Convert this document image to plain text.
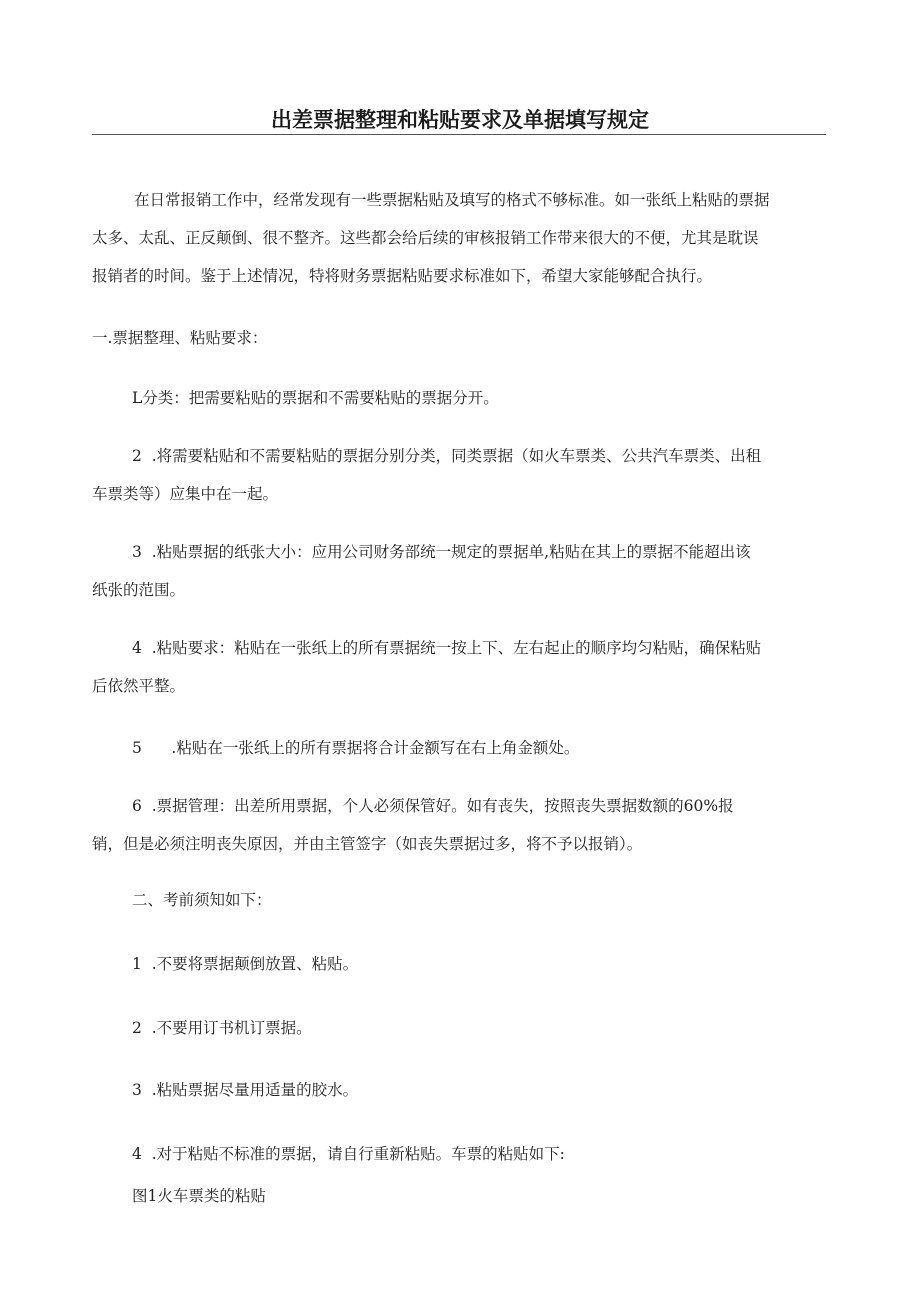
出差票据整理和粘贴要求及单据填写规定
在日常报销工作中，经常发现有一些票据粘贴及填写的格式不够标准。如一张纸上粘贴的票据
太多、太乱、正反颠倒、很不整齐。这些都会给后续的审核报销工作带来很大的不便，尤其是耽误
报销者的时间。鉴于上述情况，特将财务票据粘贴要求标准如下，希望大家能够配合执行。
一.票据整理、粘贴要求：
L分类：把需要粘贴的票据和不需要粘贴的票据分开。
2  .将需要粘贴和不需要粘贴的票据分别分类，同类票据（如火车票类、公共汽车票类、出租
车票类等）应集中在一起。
3  .粘贴票据的纸张大小：应用公司财务部统一规定的票据单,粘贴在其上的票据不能超出该
纸张的范围。
4  .粘贴要求：粘贴在一张纸上的所有票据统一按上下、左右起止的顺序均匀粘贴，确保粘贴
后依然平整。
5      .粘贴在一张纸上的所有票据将合计金额写在右上角金额处。
6  .票据管理：出差所用票据，个人必须保管好。如有丧失，按照丧失票据数额的60%报
销，但是必须注明丧失原因，并由主管签字（如丧失票据过多，将不予以报销）。
二、考前须知如下：
1  .不要将票据颠倒放置、粘贴。
2  .不要用订书机订票据。
3  .粘贴票据尽量用适量的胶水。
4  .对于粘贴不标准的票据，请自行重新粘贴。车票的粘贴如下:
图1火车票类的粘贴
